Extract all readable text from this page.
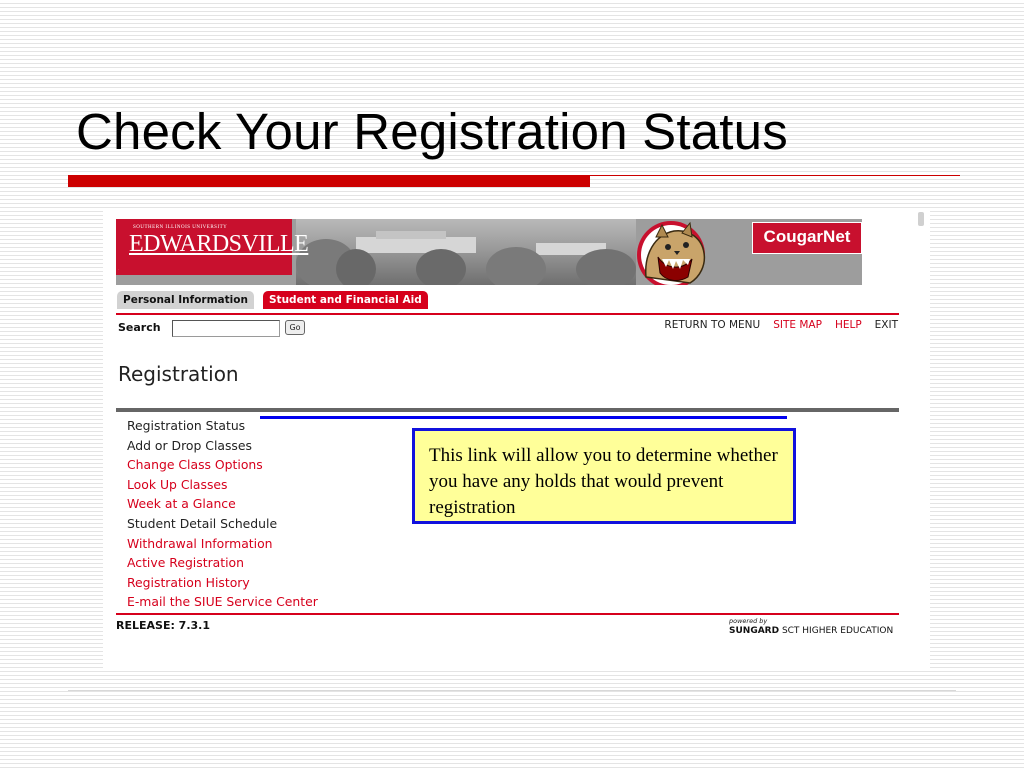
Check Your Registration Status
SOUTHERN ILLINOIS UNIVERSITY
EDWARDSVILLE
·
CougarNet
Personal Information	Student and Financial Aid
Search	Go	RETURN TO MENU SITE MAP HELP EXIT
Registration
Registration Status
Add or Drop Classes
Change Class Options
Look Up Classes
Week at a Glance
Student Detail Schedule
Withdrawal Information
Active Registration
Registration History
E-mail the SIUE Service Center
This link will allow you to determine whether you have any holds that would prevent registration
RELEASE: 7.3.1	powered by
SUNGARD SCT HIGHER EDUCATION
